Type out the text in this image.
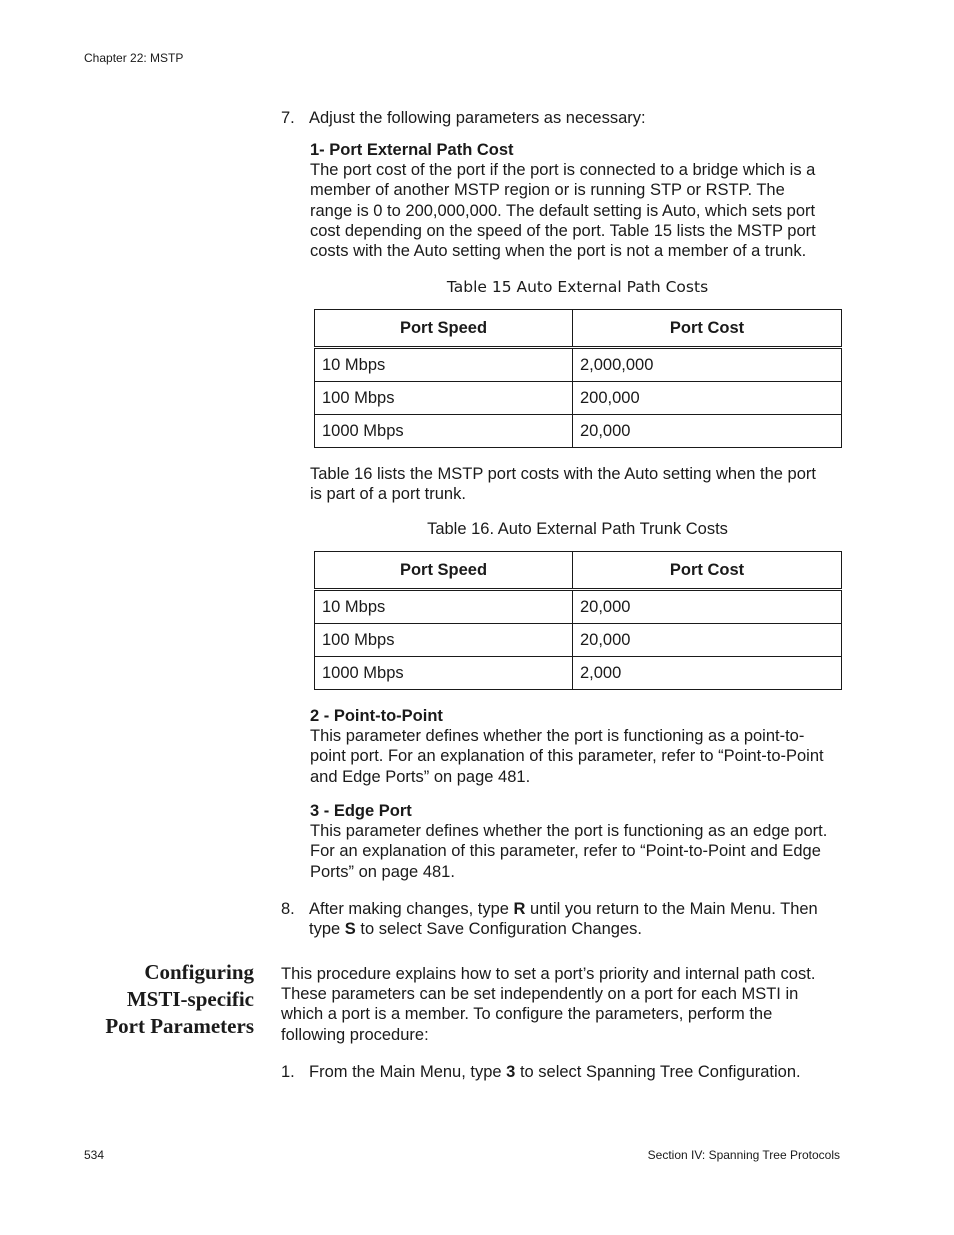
Chapter 22: MSTP
7. Adjust the following parameters as necessary:
1- Port External Path Cost
The port cost of the port if the port is connected to a bridge which is a
member of another MSTP region or is running STP or RSTP. The
range is 0 to 200,000,000. The default setting is Auto, which sets port
cost depending on the speed of the port. Table 15 lists the MSTP port
costs with the Auto setting when the port is not a member of a trunk.
Table 15 Auto External Path Costs
Port Speed	Port Cost
10 Mbps	2,000,000
100 Mbps	200,000
1000 Mbps	20,000
Table 16 lists the MSTP port costs with the Auto setting when the port
is part of a port trunk.
Table 16. Auto External Path Trunk Costs
Port Speed	Port Cost
10 Mbps	20,000
100 Mbps	20,000
1000 Mbps	2,000
2 - Point-to-Point
This parameter defines whether the port is functioning as a point-to-
point port. For an explanation of this parameter, refer to “Point-to-Point
and Edge Ports” on page 481.
3 - Edge Port
This parameter defines whether the port is functioning as an edge port.
For an explanation of this parameter, refer to “Point-to-Point and Edge
Ports” on page 481.
8. After making changes, type R until you return to the Main Menu. Then
type S to select Save Configuration Changes.
Configuring
MSTI-specific
Port Parameters
This procedure explains how to set a port’s priority and internal path cost.
These parameters can be set independently on a port for each MSTI in
which a port is a member. To configure the parameters, perform the
following procedure:
1. From the Main Menu, type 3 to select Spanning Tree Configuration.
534	Section IV: Spanning Tree Protocols
